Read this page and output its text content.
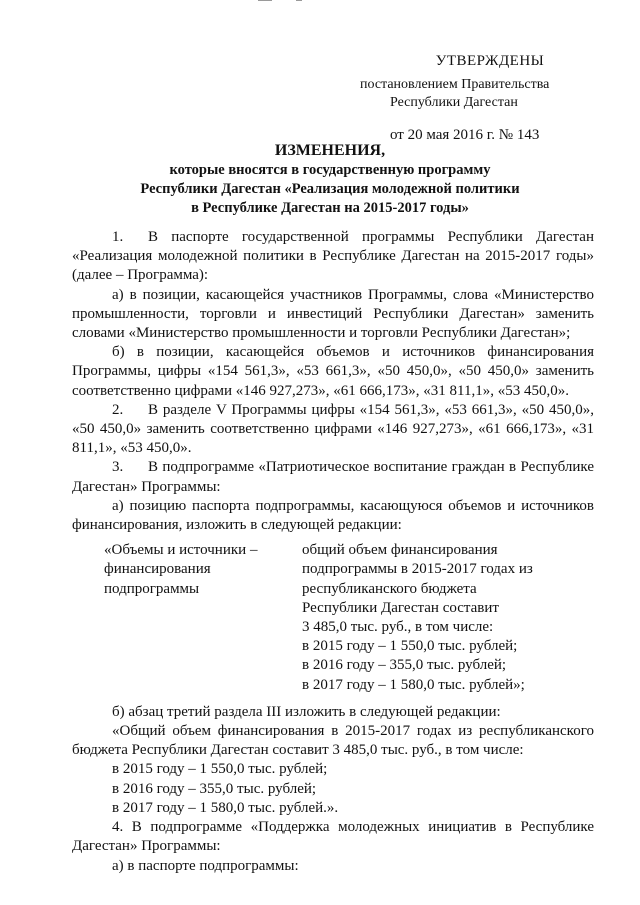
УТВЕРЖДЕНЫ
постановлением Правительства
Республики Дагестан
от 20 мая 2016 г. № 143
ИЗМЕНЕНИЯ,
которые вносятся в государственную программу
Республики Дагестан «Реализация молодежной политики
в Республике Дагестан на 2015-2017 годы»

1. В паспорте государственной программы Республики Дагестан «Реализация молодежной политики в Республике Дагестан на 2015-2017 годы» (далее – Программа):

а) в позиции, касающейся участников Программы, слова «Министерство промышленности, торговли и инвестиций Республики Дагестан» заменить словами «Министерство промышленности и торговли Республики Дагестан»;

б) в позиции, касающейся объемов и источников финансирования Программы, цифры «154 561,3», «53 661,3», «50 450,0», «50 450,0» заменить соответственно цифрами «146 927,273», «61 666,173», «31 811,1», «53 450,0».

2. В разделе V Программы цифры «154 561,3», «53 661,3», «50 450,0», «50 450,0» заменить соответственно цифрами «146 927,273», «61 666,173», «31 811,1», «53 450,0».

3. В подпрограмме «Патриотическое воспитание граждан в Республике Дагестан» Программы:

а) позицию паспорта подпрограммы, касающуюся объемов и источников финансирования, изложить в следующей редакции:

«Объемы и источники
финансирования
подпрограммы
–	общий объем финансирования
подпрограммы в 2015-2017 годах из
республиканского бюджета
Республики Дагестан составит
3 485,0 тыс. руб., в том числе:
в 2015 году – 1 550,0 тыс. рублей;
в 2016 году – 355,0 тыс. рублей;
в 2017 году – 1 580,0 тыс. рублей»;

б) абзац третий раздела III изложить в следующей редакции:

«Общий объем финансирования в 2015-2017 годах из республиканского бюджета Республики Дагестан составит 3 485,0 тыс. руб., в том числе:

в 2015 году – 1 550,0 тыс. рублей;

в 2016 году – 355,0 тыс. рублей;

в 2017 году – 1 580,0 тыс. рублей.».

4. В подпрограмме «Поддержка молодежных инициатив в Республике Дагестан» Программы:

а) в паспорте подпрограммы:
